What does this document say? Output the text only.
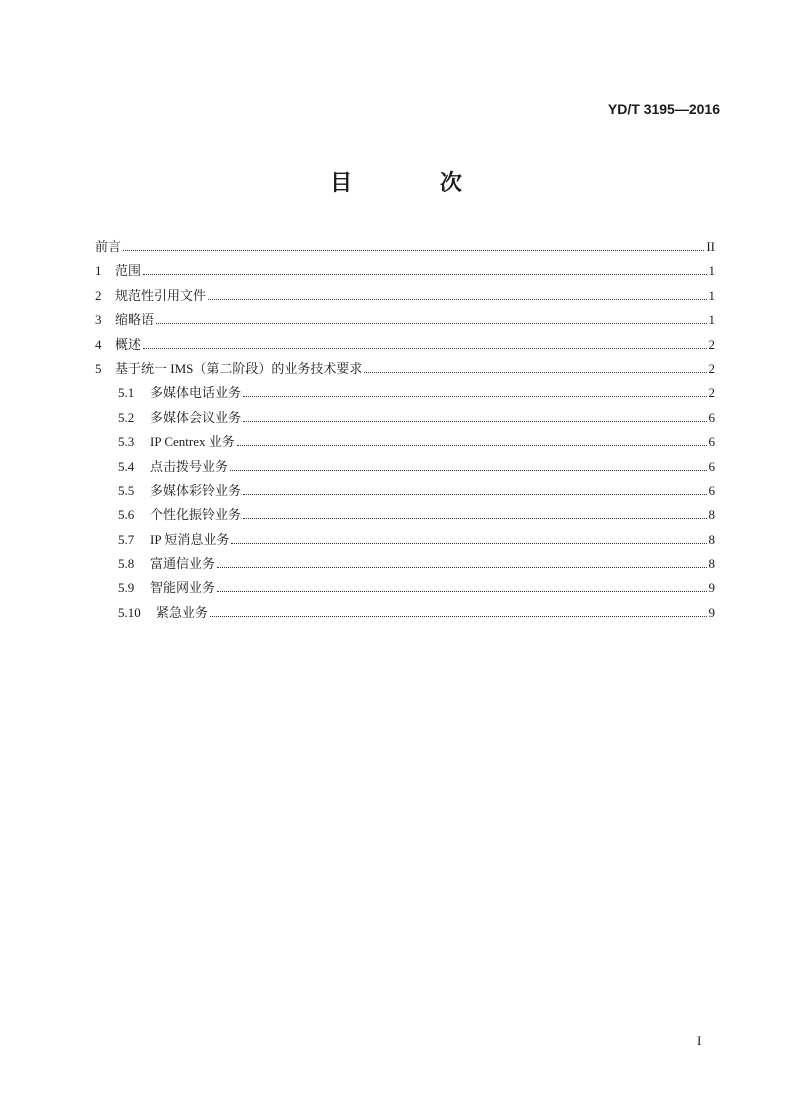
YD/T 3195—2016
目 次
前言	II
1	范围	1
2	规范性引用文件	1
3	缩略语	1
4	概述	2
5	基于统一 IMS（第二阶段）的业务技术要求	2
5.1	多媒体电话业务	2
5.2	多媒体会议业务	6
5.3	IP Centrex 业务	6
5.4	点击拨号业务	6
5.5	多媒体彩铃业务	6
5.6	个性化振铃业务	8
5.7	IP 短消息业务	8
5.8	富通信业务	8
5.9	智能网业务	9
5.10	紧急业务	9
I
